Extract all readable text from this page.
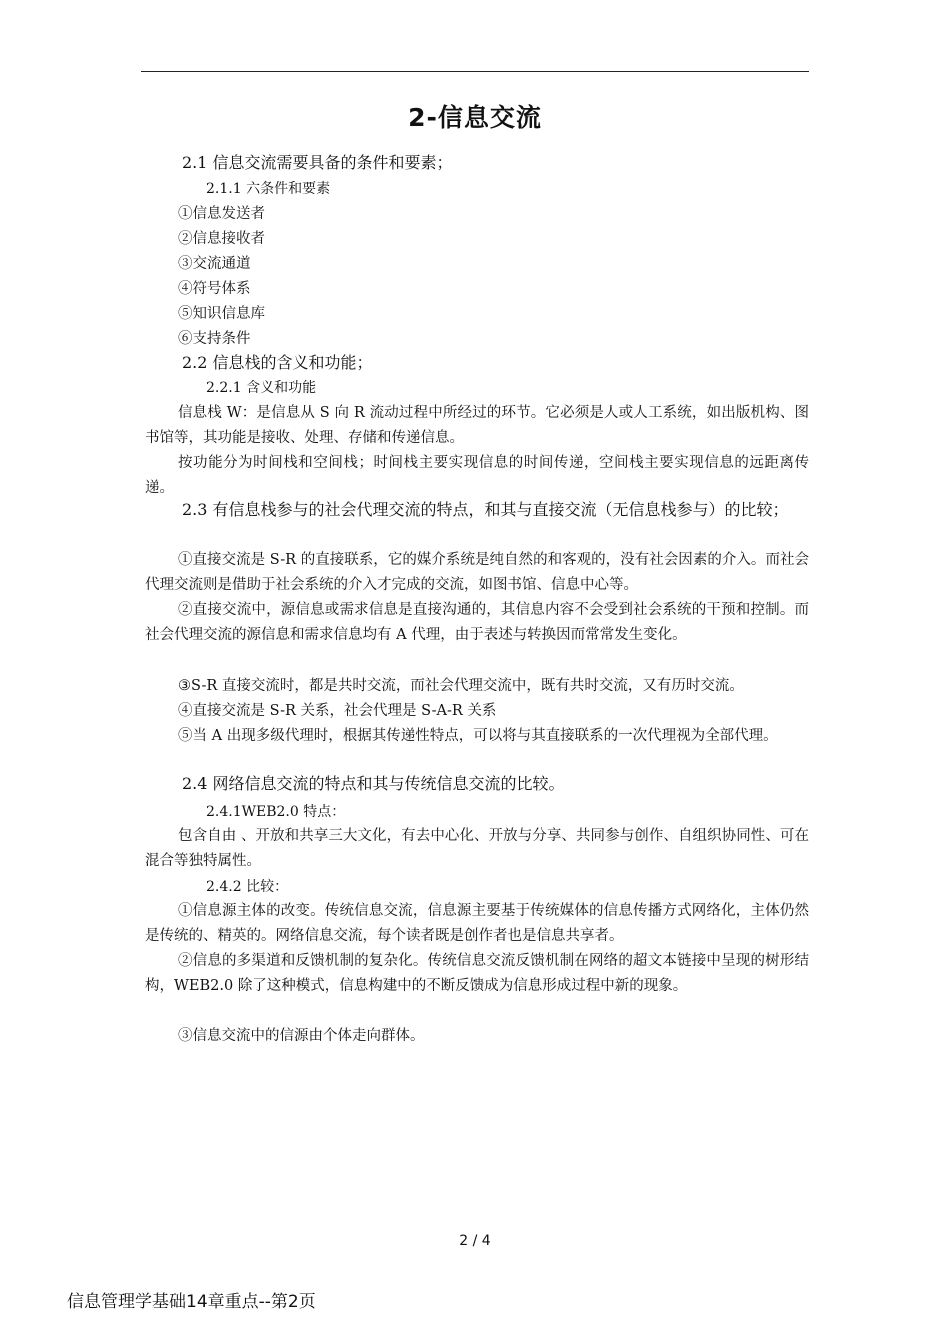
2-信息交流
2.1 信息交流需要具备的条件和要素；
2.1.1 六条件和要素
①信息发送者
②信息接收者
③交流通道
④符号体系
⑤知识信息库
⑥支持条件
2.2 信息栈的含义和功能；
2.2.1 含义和功能
信息栈 W：是信息从 S 向 R 流动过程中所经过的环节。它必须是人或人工系统，如出版机构、图书馆等，其功能是接收、处理、存储和传递信息。
按功能分为时间栈和空间栈；时间栈主要实现信息的时间传递，空间栈主要实现信息的远距离传递。
2.3 有信息栈参与的社会代理交流的特点，和其与直接交流（无信息栈参与）的比较；
①直接交流是 S-R 的直接联系，它的媒介系统是纯自然的和客观的，没有社会因素的介入。而社会代理交流则是借助于社会系统的介入才完成的交流，如图书馆、信息中心等。
②直接交流中，源信息或需求信息是直接沟通的，其信息内容不会受到社会系统的干预和控制。而社会代理交流的源信息和需求信息均有 A 代理，由于表述与转换因而常常发生变化。
③S-R 直接交流时，都是共时交流，而社会代理交流中，既有共时交流，又有历时交流。
④直接交流是 S-R 关系，社会代理是 S-A-R 关系
⑤当 A 出现多级代理时，根据其传递性特点，可以将与其直接联系的一次代理视为全部代理。
2.4 网络信息交流的特点和其与传统信息交流的比较。
2.4.1WEB2.0 特点：
包含自由 、开放和共享三大文化，有去中心化、开放与分享、共同参与创作、自组织协同性、可在混合等独特属性。
2.4.2 比较：
①信息源主体的改变。传统信息交流，信息源主要基于传统媒体的信息传播方式网络化，主体仍然是传统的、精英的。网络信息交流，每个读者既是创作者也是信息共享者。
②信息的多渠道和反馈机制的复杂化。传统信息交流反馈机制在网络的超文本链接中呈现的树形结构，WEB2.0 除了这种模式，信息构建中的不断反馈成为信息形成过程中新的现象。
③信息交流中的信源由个体走向群体。
2 / 4
信息管理学基础14章重点--第2页
